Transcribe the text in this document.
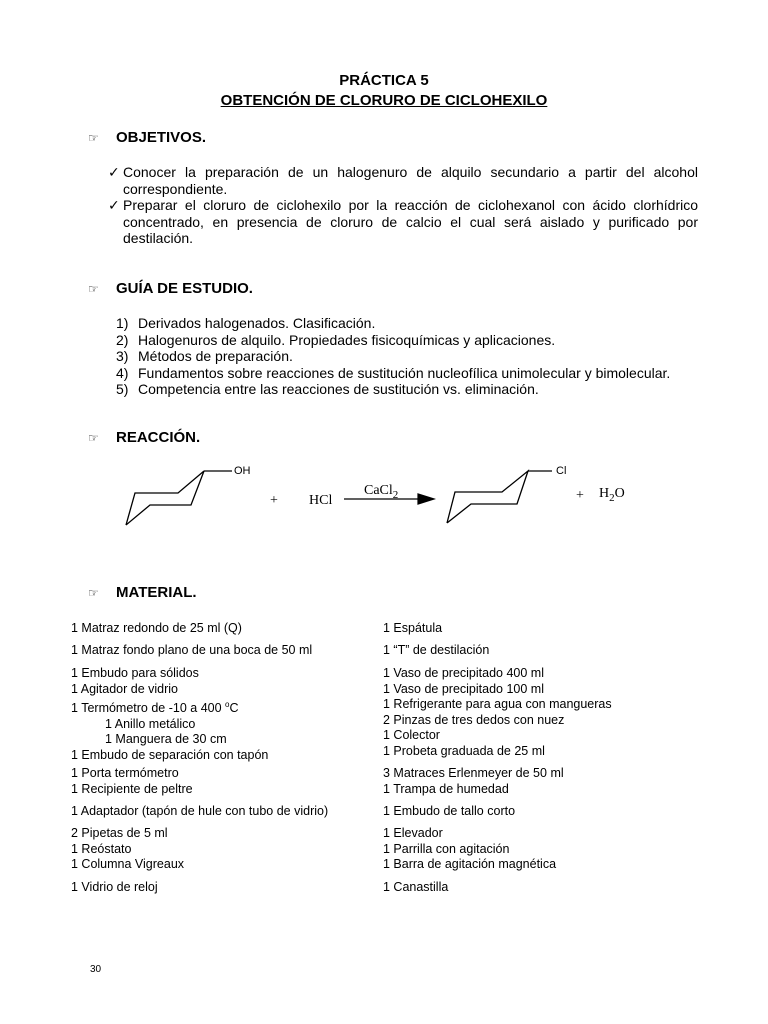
PRÁCTICA 5
OBTENCIÓN DE CLORURO DE CICLOHEXILO
☞	OBJETIVOS.
✓ Conocer la preparación de un halogenuro de alquilo secundario a partir del alcohol correspondiente.
✓ Preparar el cloruro de ciclohexilo por la reacción de ciclohexanol con ácido clorhídrico concentrado, en presencia de cloruro de calcio el cual será aislado y purificado por destilación.
☞	GUÍA DE ESTUDIO.
1) Derivados halogenados. Clasificación.
2) Halogenuros de alquilo. Propiedades fisicoquímicas y aplicaciones.
3) Métodos de preparación.
4) Fundamentos sobre reacciones de sustitución nucleofílica unimolecular y bimolecular.
5) Competencia entre las reacciones de sustitución vs. eliminación.
☞	REACCIÓN.
OH
+ HCl
CaCl$_2$
Cl
+ $H_2O$
☞	MATERIAL.
1 Matraz redondo de 25 ml (Q)
1 Matraz fondo plano de una boca de 50 ml
1 Embudo para sólidos
1 Agitador de vidrio
1 Termómetro de -10 a 400 $^o$C
1 Anillo metálico
1 Manguera de 30 cm
1 Embudo de separación con tapón
1 Porta termómetro
1 Recipiente de peltre
1 Adaptador (tapón de hule con tubo de vidrio)
2 Pipetas de 5 ml
1 Reóstato
1 Columna Vigreaux
1 Vidrio de reloj
1 Espátula
1 “T” de destilación
1 Vaso de precipitado 400 ml
1 Vaso de precipitado 100 ml
1 Refrigerante para agua con mangueras
2 Pinzas de tres dedos con nuez
1 Colector
1 Probeta graduada de 25 ml
3 Matraces Erlenmeyer de 50 ml
1 Trampa de humedad
1 Embudo de tallo corto
1 Elevador
1 Parrilla con agitación
1 Barra de agitación magnética
1 Canastilla
30
